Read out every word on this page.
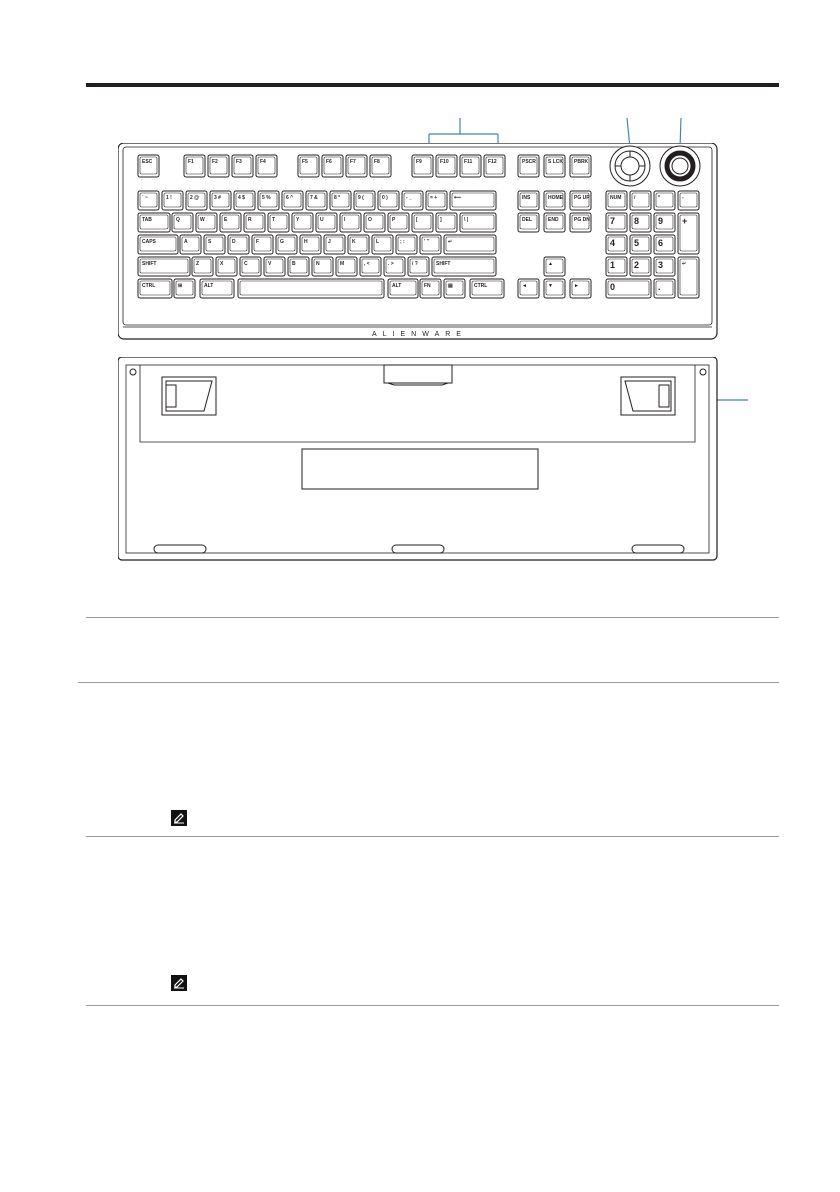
ALIENWARE
ESC	F1	F2	F3	F4	F5	F6	F7	F8	F9	F10	F11	F12	PSCR S LCK PBRK
` ~	1 !	2 @	3 #	4 $	5 %	6 ^	7 &	8 *	9 (	0 )	- _	= +	⟵	INS	HOME PG UP	NUM	/	*	-
TAB	Q	W	E	R	T	Y	U	I	O	P	[	]	\ |	DEL	END	PG DN 7 8 9 +
CAPS	A	S	D	F	G	H	J	K	L	; :	' "	↵	4 5 6
SHIFT	Z	X	C	V	B	N	M	, <	. >	/ ?	SHIFT	▲	1 2 3	↵
CTRL	⊞	ALT	ALT	FN	▤	CTRL	◄	▼	►	0	.
